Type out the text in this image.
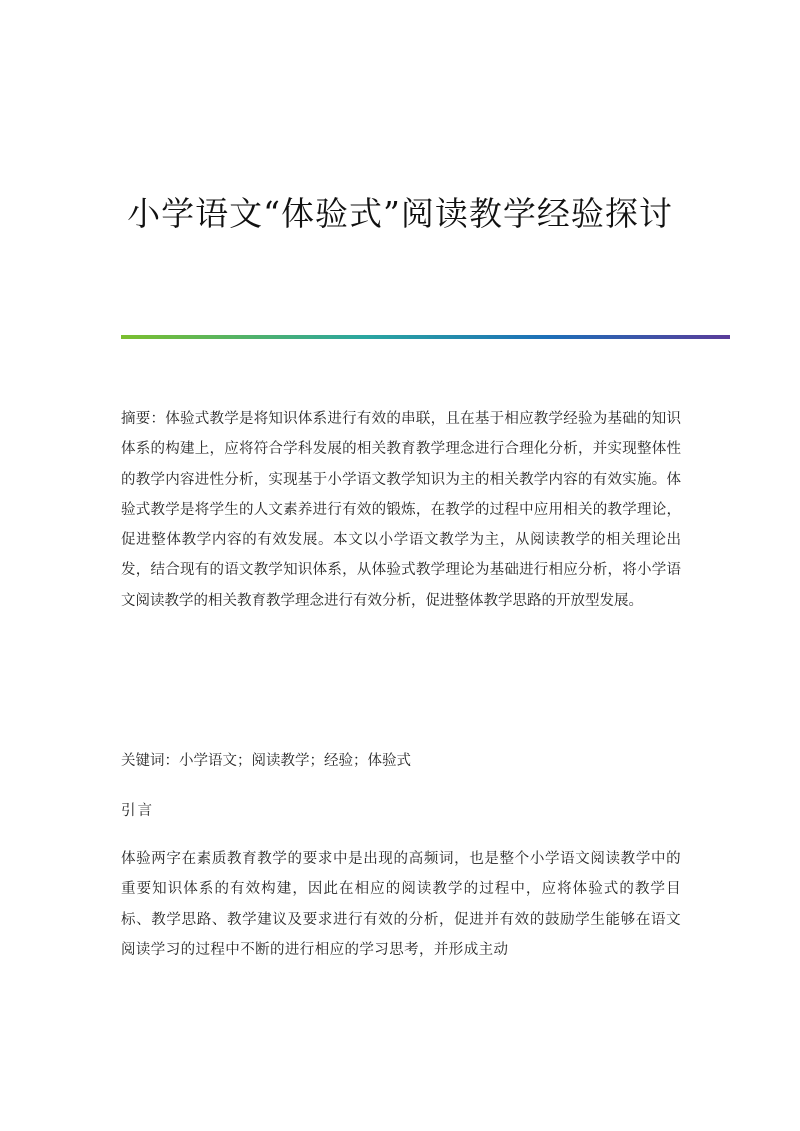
小学语文“体验式”阅读教学经验探讨

摘要：体验式教学是将知识体系进行有效的串联，且在基于相应教学经验为基础的知识体系的构建上，应将符合学科发展的相关教育教学理念进行合理化分析，并实现整体性的教学内容进性分析，实现基于小学语文教学知识为主的相关教学内容的有效实施。体验式教学是将学生的人文素养进行有效的锻炼，在教学的过程中应用相关的教学理论，促进整体教学内容的有效发展。本文以小学语文教学为主，从阅读教学的相关理论出发，结合现有的语文教学知识体系，从体验式教学理论为基础进行相应分析，将小学语文阅读教学的相关教育教学理念进行有效分析，促进整体教学思路的开放型发展。

关键词：小学语文；阅读教学；经验；体验式

引言

体验两字在素质教育教学的要求中是出现的高频词，也是整个小学语文阅读教学中的重要知识体系的有效构建，因此在相应的阅读教学的过程中，应将体验式的教学目标、教学思路、教学建议及要求进行有效的分析，促进并有效的鼓励学生能够在语文阅读学习的过程中不断的进行相应的学习思考，并形成主动
